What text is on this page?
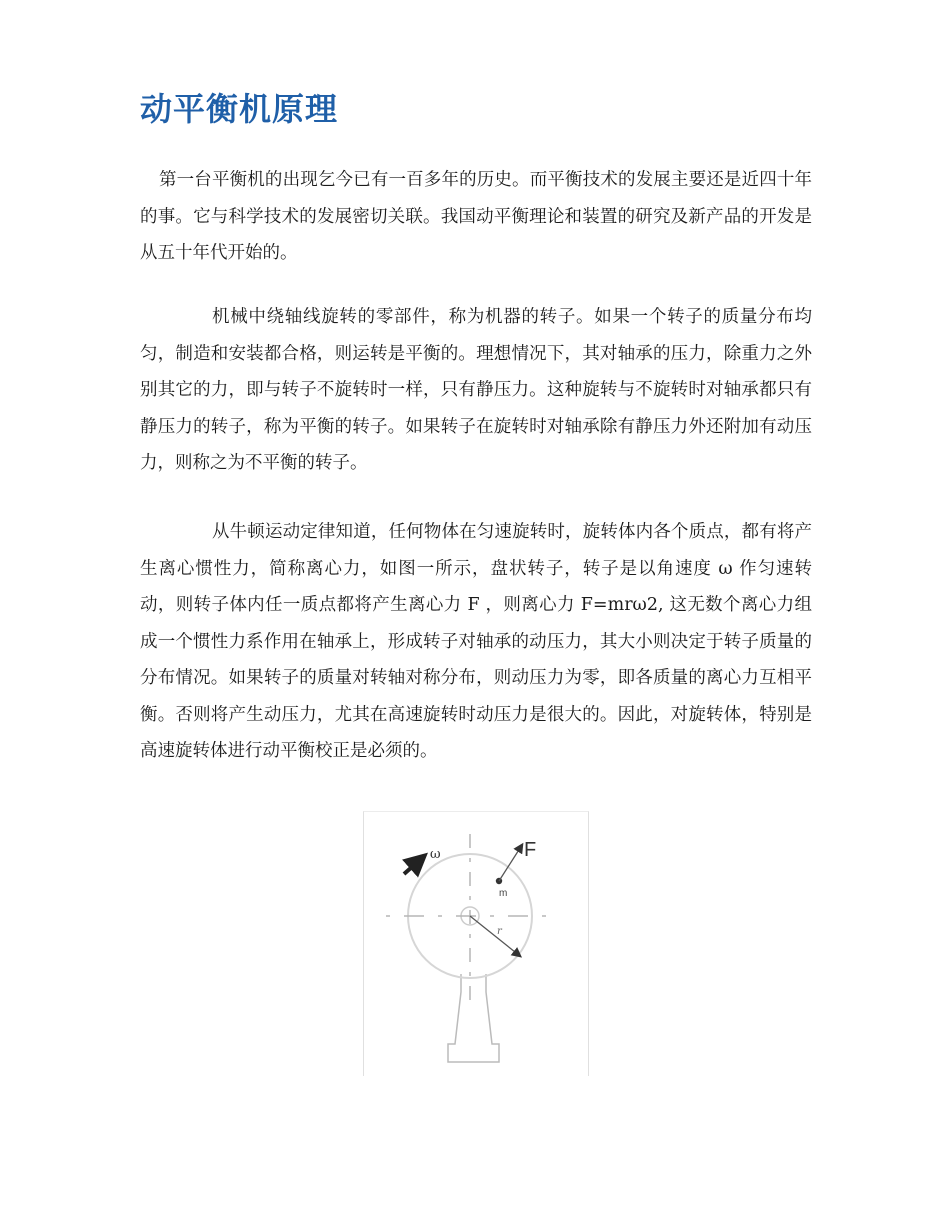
动平衡机原理

第一台平衡机的出现乞今已有一百多年的历史。而平衡技术的发展主要还是近四十年的事。它与科学技术的发展密切关联。我国动平衡理论和装置的研究及新产品的开发是从五十年代开始的。

机械中绕轴线旋转的零部件，称为机器的转子。如果一个转子的质量分布均匀，制造和安装都合格，则运转是平衡的。理想情况下，其对轴承的压力，除重力之外别其它的力，即与转子不旋转时一样，只有静压力。这种旋转与不旋转时对轴承都只有静压力的转子，称为平衡的转子。如果转子在旋转时对轴承除有静压力外还附加有动压力，则称之为不平衡的转子。

从牛顿运动定律知道，任何物体在匀速旋转时，旋转体内各个质点，都有将产生离心惯性力，简称离心力，如图一所示，盘状转子，转子是以角速度 ω 作匀速转动，则转子体内任一质点都将产生离心力 F ，则离心力 F=mrω2, 这无数个离心力组成一个惯性力系作用在轴承上，形成转子对轴承的动压力，其大小则决定于转子质量的分布情况。如果转子的质量对转轴对称分布，则动压力为零，即各质量的离心力互相平衡。否则将产生动压力，尤其在高速旋转时动压力是很大的。因此，对旋转体，特别是高速旋转体进行动平衡校正是必须的。

ω	F
m
r
